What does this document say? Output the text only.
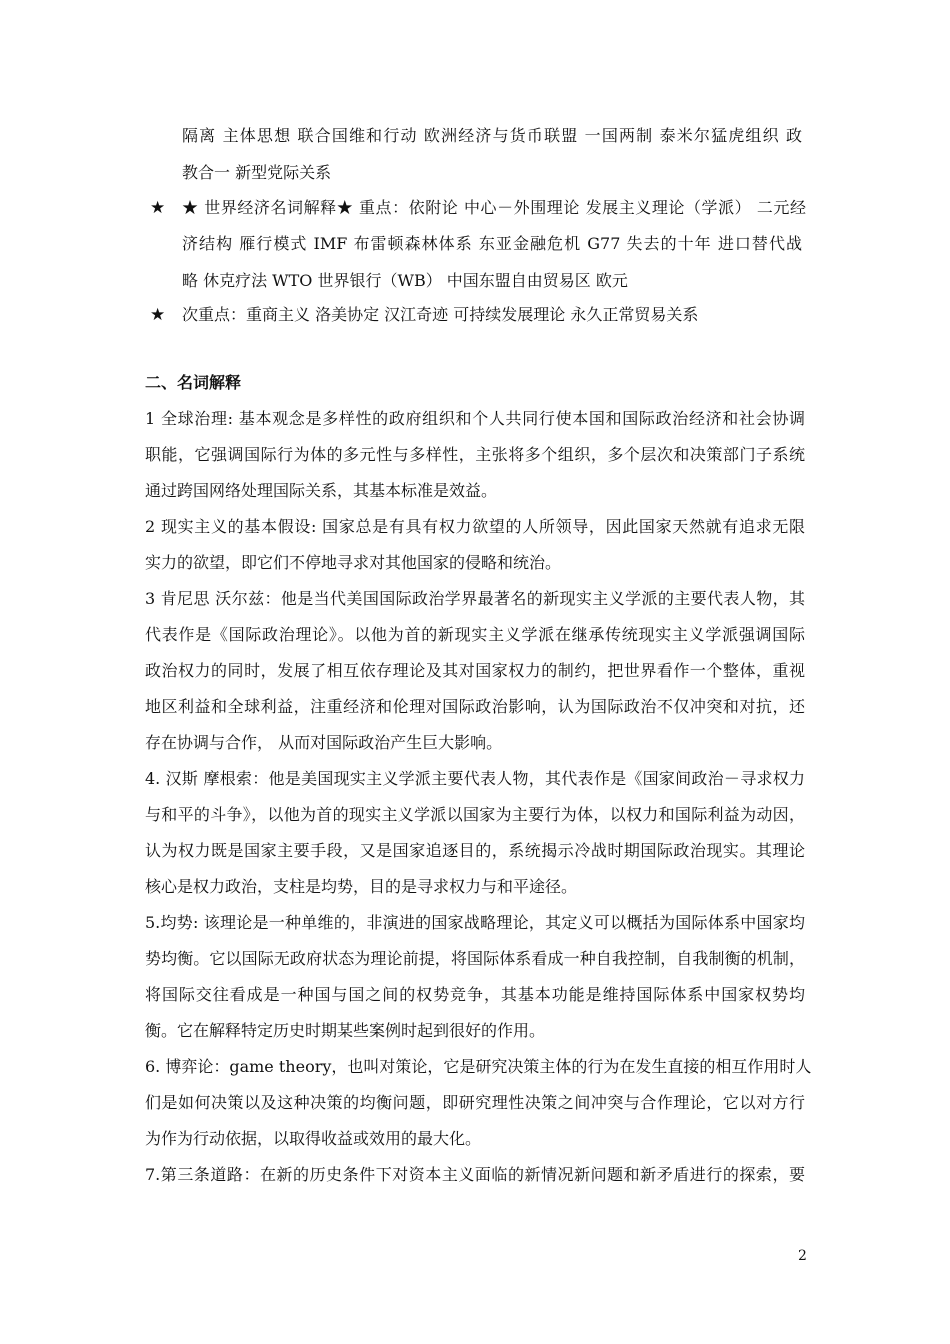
隔离 主体思想 联合国维和行动 欧洲经济与货币联盟 一国两制 泰米尔猛虎组织 政
教合一 新型党际关系
★ ★ 世界经济名词解释★ 重点：依附论 中心－外围理论 发展主义理论（学派） 二元经
济结构 雁行模式 IMF 布雷顿森林体系 东亚金融危机 G77 失去的十年 进口替代战
略 休克疗法 WTO 世界银行（WB） 中国东盟自由贸易区 欧元
★ 次重点：重商主义 洛美协定 汉江奇迹 可持续发展理论 永久正常贸易关系
二、名词解释
1 全球治理: 基本观念是多样性的政府组织和个人共同行使本国和国际政治经济和社会协调
职能，它强调国际行为体的多元性与多样性，主张将多个组织，多个层次和决策部门子系统
通过跨国网络处理国际关系，其基本标准是效益。
2 现实主义的基本假设: 国家总是有具有权力欲望的人所领导，因此国家天然就有追求无限
实力的欲望，即它们不停地寻求对其他国家的侵略和统治。
3 肯尼思 沃尔兹：他是当代美国国际政治学界最著名的新现实主义学派的主要代表人物，其
代表作是《国际政治理论》。以他为首的新现实主义学派在继承传统现实主义学派强调国际
政治权力的同时，发展了相互依存理论及其对国家权力的制约，把世界看作一个整体，重视
地区利益和全球利益，注重经济和伦理对国际政治影响，认为国际政治不仅冲突和对抗，还
存在协调与合作， 从而对国际政治产生巨大影响。
4. 汉斯 摩根索：他是美国现实主义学派主要代表人物，其代表作是《国家间政治－寻求权力
与和平的斗争》，以他为首的现实主义学派以国家为主要行为体，以权力和国际利益为动因，
认为权力既是国家主要手段，又是国家追逐目的，系统揭示冷战时期国际政治现实。其理论
核心是权力政治，支柱是均势，目的是寻求权力与和平途径。
5.均势: 该理论是一种单维的，非演进的国家战略理论，其定义可以概括为国际体系中国家均
势均衡。它以国际无政府状态为理论前提，将国际体系看成一种自我控制，自我制衡的机制，
将国际交往看成是一种国与国之间的权势竞争，其基本功能是维持国际体系中国家权势均
衡。它在解释特定历史时期某些案例时起到很好的作用。
6. 博弈论：game theory，也叫对策论，它是研究决策主体的行为在发生直接的相互作用时人
们是如何决策以及这种决策的均衡问题，即研究理性决策之间冲突与合作理论，它以对方行
为作为行动依据，以取得收益或效用的最大化。
7.第三条道路：在新的历史条件下对资本主义面临的新情况新问题和新矛盾进行的探索，要
2
